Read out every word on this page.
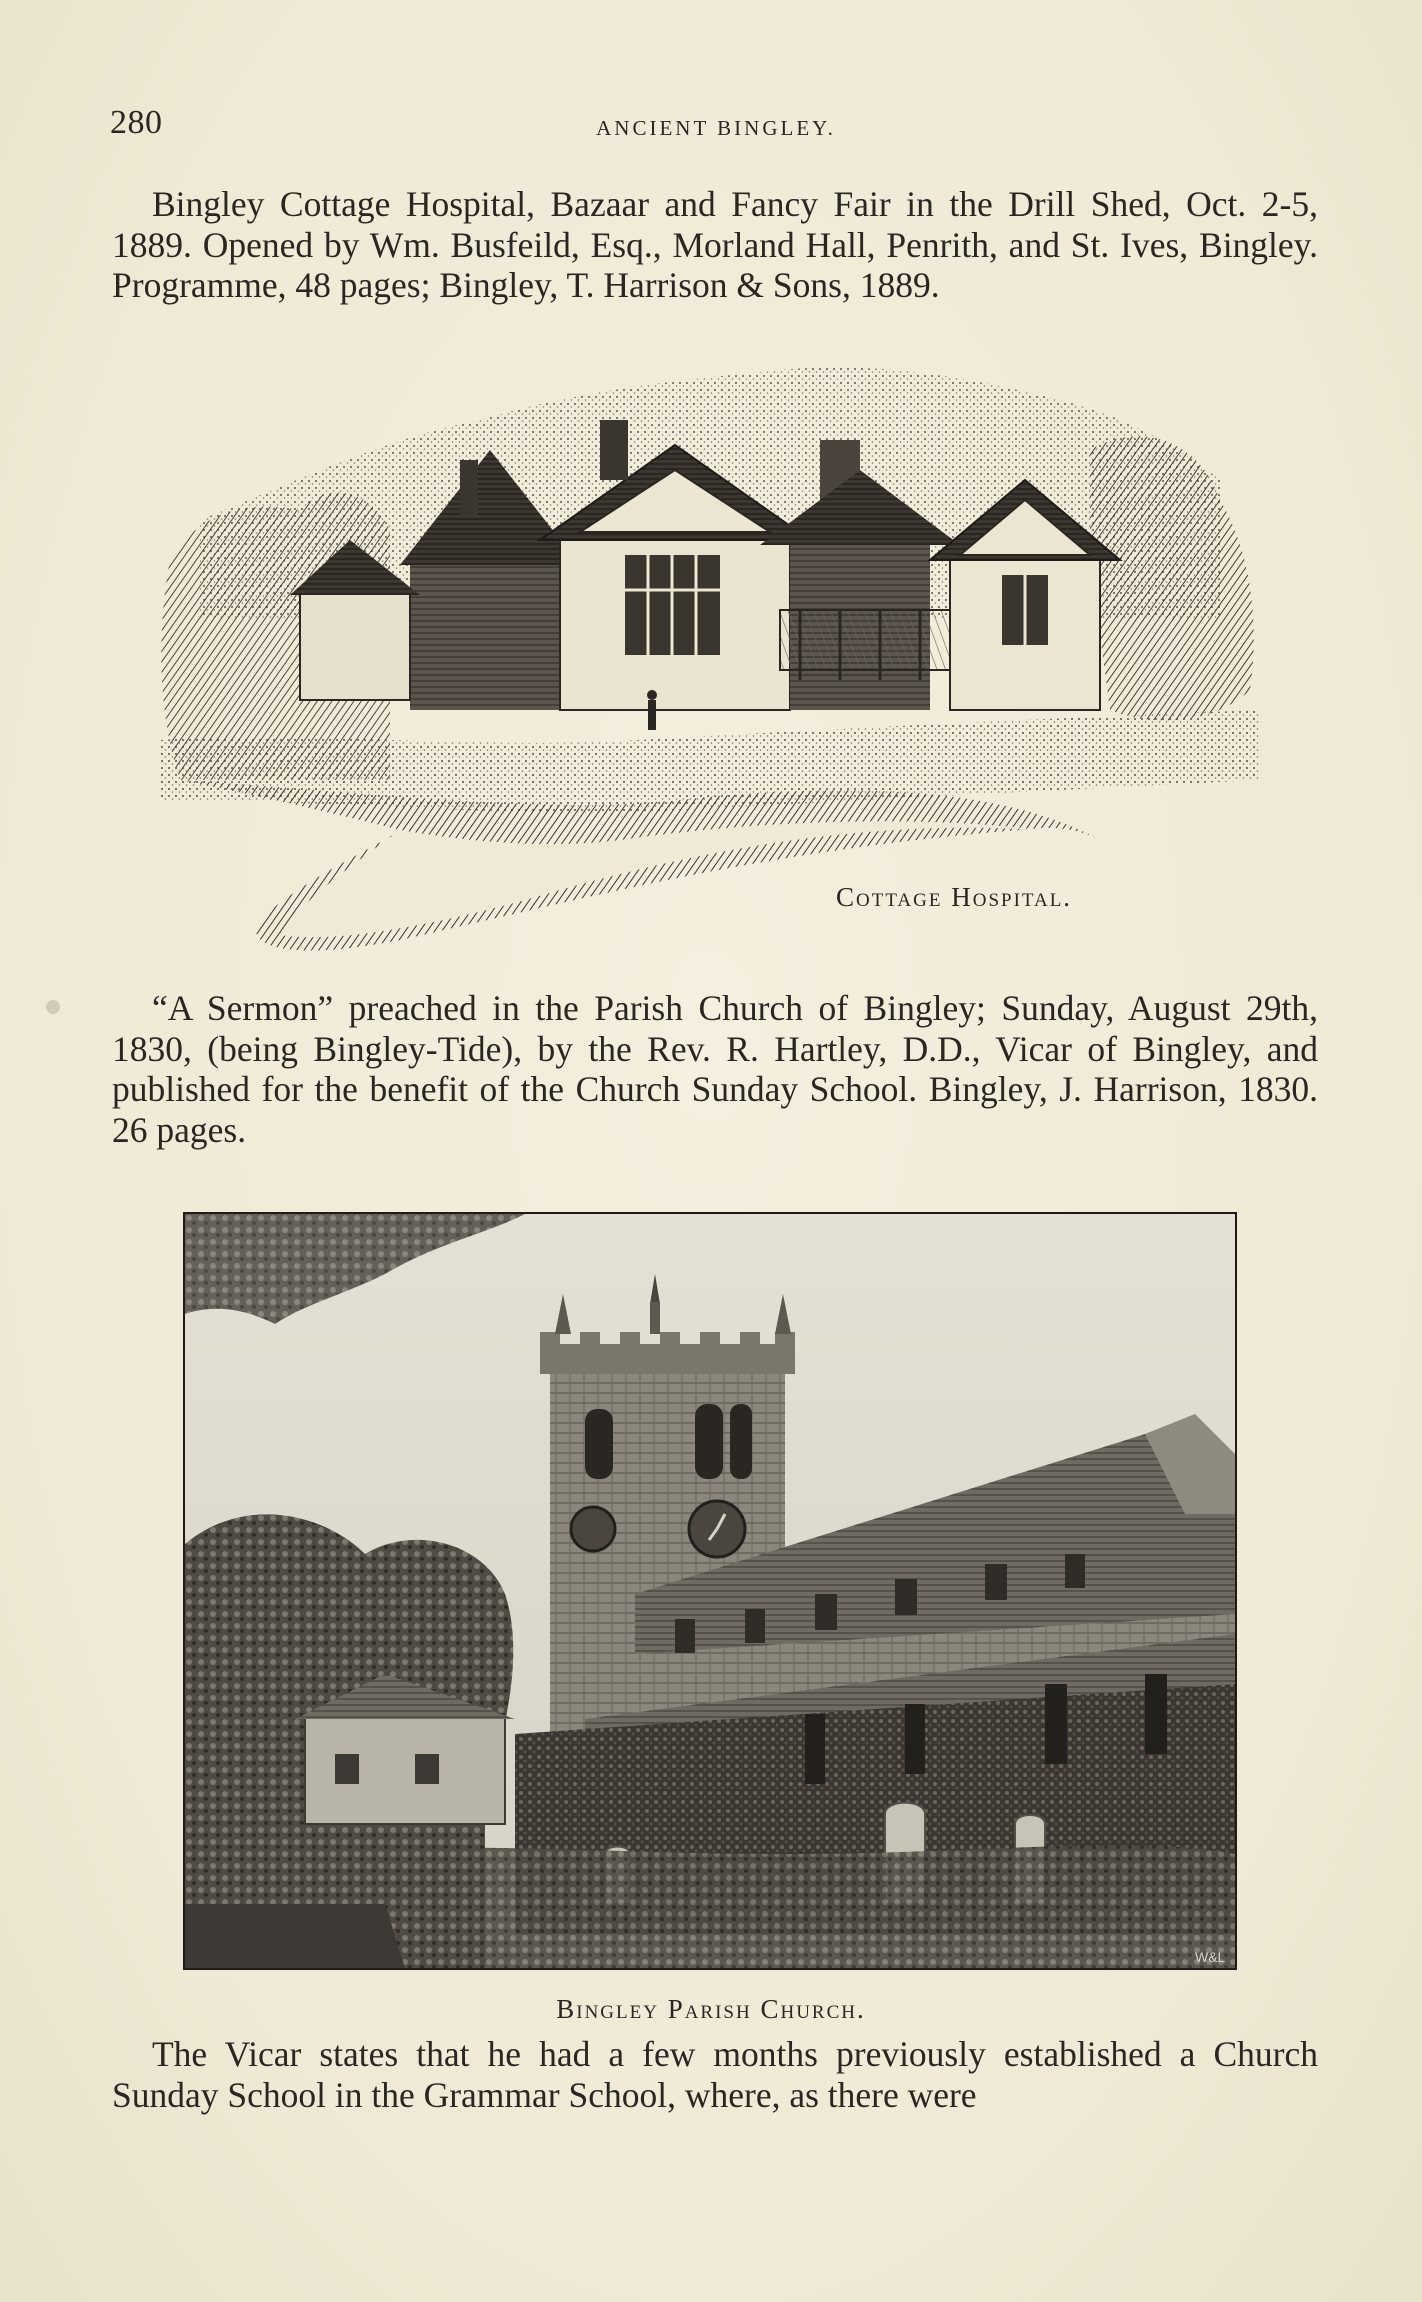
280	ANCIENT BINGLEY.

Bingley Cottage Hospital, Bazaar and Fancy Fair in the Drill Shed, Oct. 2-5, 1889. Opened by Wm. Busfeild, Esq., Morland Hall, Penrith, and St. Ives, Bingley. Programme, 48 pages; Bingley, T. Harrison & Sons, 1889.

Cottage Hospital.

“A Sermon” preached in the Parish Church of Bingley; Sunday, August 29th, 1830, (being Bingley-Tide), by the Rev. R. Hartley, D.D., Vicar of Bingley, and published for the benefit of the Church Sunday School. Bingley, J. Harrison, 1830. 26 pages.

W&L
Bingley Parish Church.

The Vicar states that he had a few months previously established a Church Sunday School in the Grammar School, where, as there were
